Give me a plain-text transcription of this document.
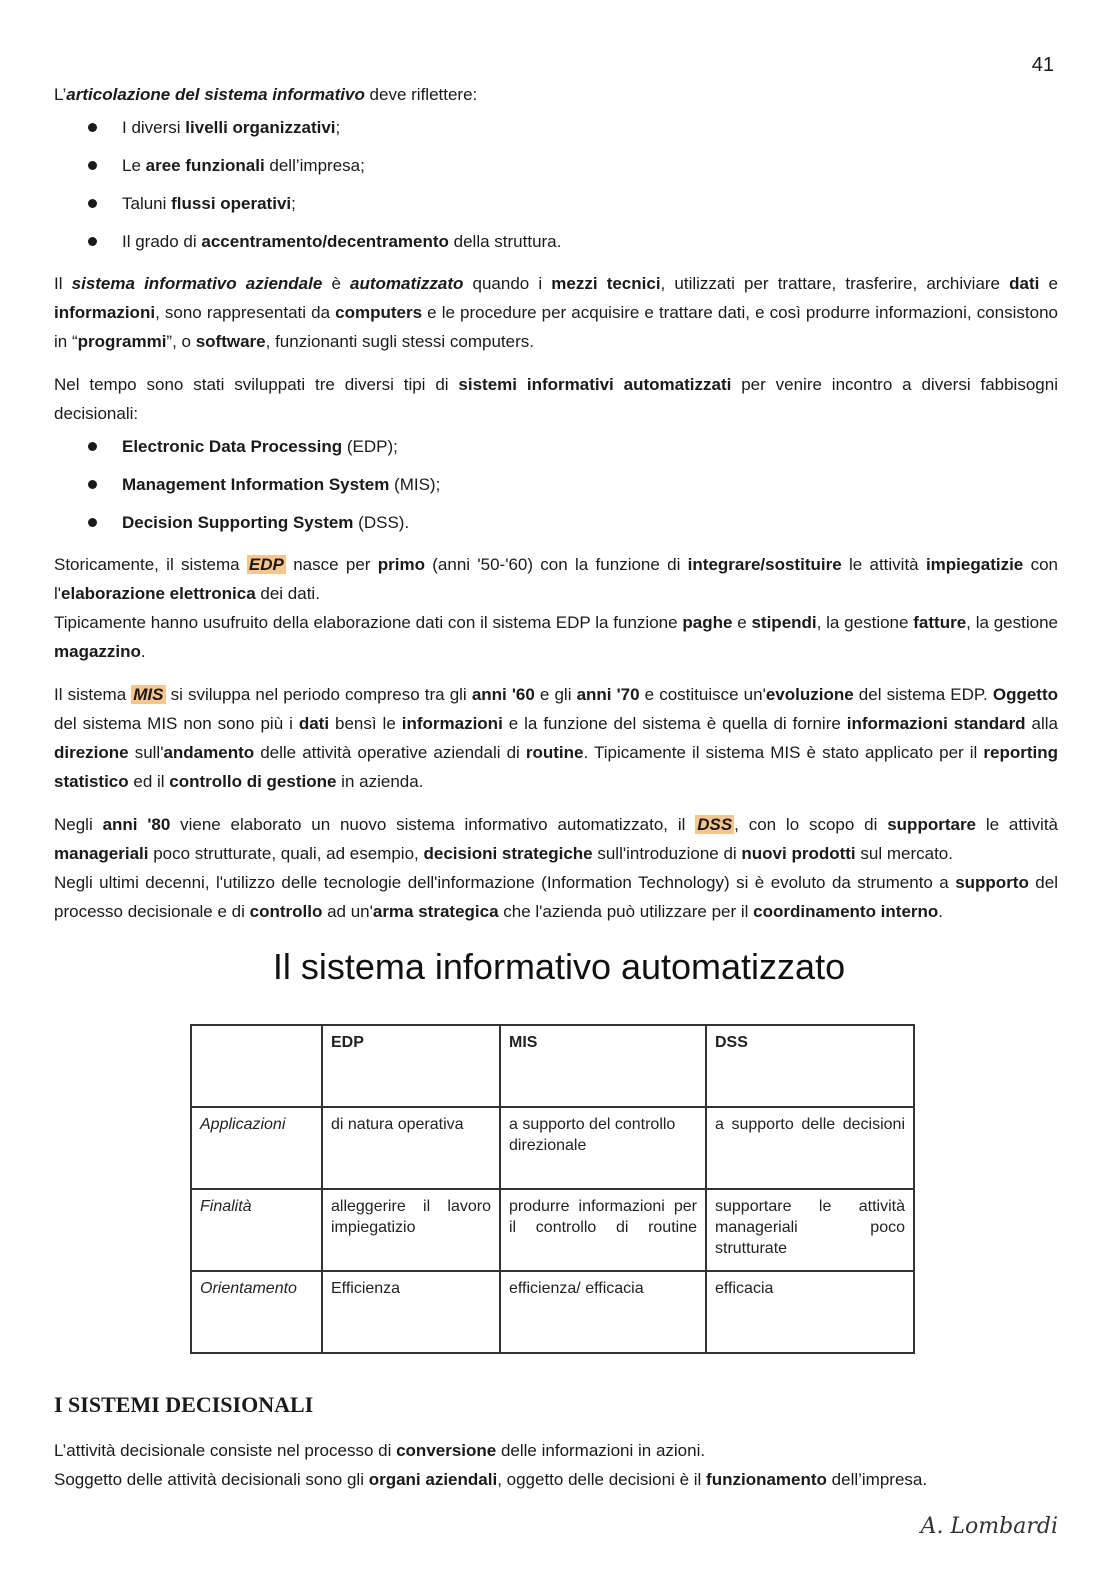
41

L’articolazione del sistema informativo deve riflettere:

I diversi livelli organizzativi;
Le aree funzionali dell’impresa;
Taluni flussi operativi;
Il grado di accentramento/decentramento della struttura.

Il sistema informativo aziendale è automatizzato quando i mezzi tecnici, utilizzati per trattare, trasferire, archiviare dati e informazioni, sono rappresentati da computers e le procedure per acquisire e trattare dati, e così produrre informazioni, consistono in “programmi”, o software, funzionanti sugli stessi computers.

Nel tempo sono stati sviluppati tre diversi tipi di sistemi informativi automatizzati per venire incontro a diversi fabbisogni decisionali:

Electronic Data Processing (EDP);
Management Information System (MIS);
Decision Supporting System (DSS).

Storicamente, il sistema EDP nasce per primo (anni '50-'60) con la funzione di integrare/sostituire le attività impiegatizie con l'elaborazione elettronica dei dati.

Tipicamente hanno usufruito della elaborazione dati con il sistema EDP la funzione paghe e stipendi, la gestione fatture, la gestione magazzino.

Il sistema MIS si sviluppa nel periodo compreso tra gli anni '60 e gli anni '70 e costituisce un'evoluzione del sistema EDP. Oggetto del sistema MIS non sono più i dati bensì le informazioni e la funzione del sistema è quella di fornire informazioni standard alla direzione sull'andamento delle attività operative aziendali di routine. Tipicamente il sistema MIS è stato applicato per il reporting statistico ed il controllo di gestione in azienda.

Negli anni '80 viene elaborato un nuovo sistema informativo automatizzato, il DSS , con lo scopo di supportare le attività manageriali poco strutturate, quali, ad esempio, decisioni strategiche sull'introduzione di nuovi prodotti sul mercato.

Negli ultimi decenni, l'utilizzo delle tecnologie dell'informazione (Information Technology) si è evoluto da strumento a supporto del processo decisionale e di controllo ad un'arma strategica che l'azienda può utilizzare per il coordinamento interno.

Il sistema informativo automatizzato
	EDP	MIS	DSS
Applicazioni	di natura operativa	a supporto del controllo direzionale	a supporto delle decisioni
Finalità	alleggerire il lavoro impiegatizio	produrre informazioni per il controllo di routine	supportare le attività manageriali poco strutturate
Orientamento	Efficienza	efficienza/ efficacia	efficacia
I SISTEMI DECISIONALI
L’attività decisionale consiste nel processo di conversione delle informazioni in azioni.
Soggetto delle attività decisionali sono gli organi aziendali, oggetto delle decisioni è il funzionamento dell’impresa.
A. Lombardi
